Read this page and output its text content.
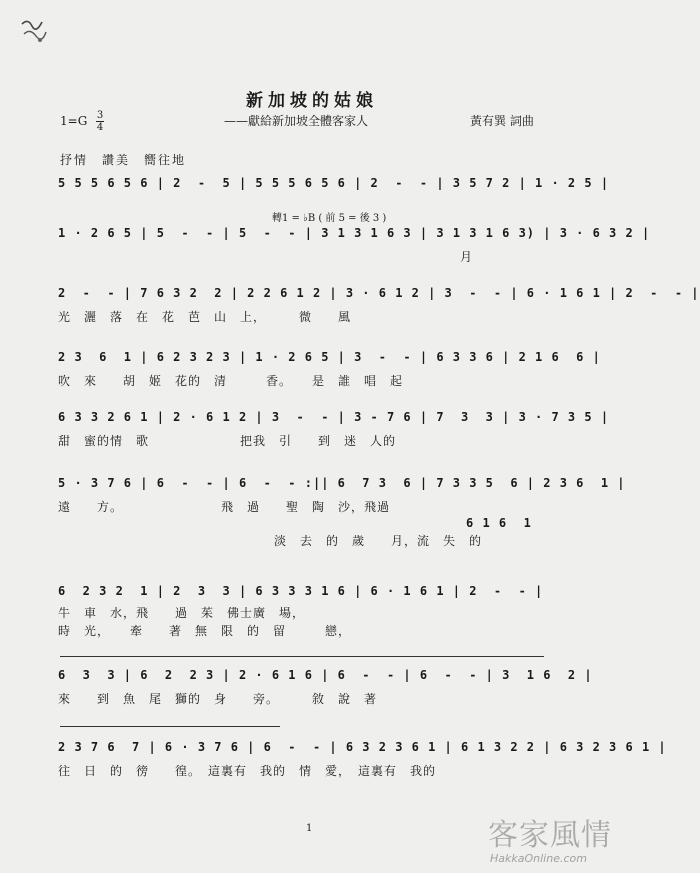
新加坡的姑娘
1=G 3
4	——獻給新加坡全體客家人	黃有巽 詞曲
抒情　讚美　嚮往地
轉1 = ♭B ( 前 5 = 後 3 )
5 5 5 6 5 6 | 2  -  5 | 5 5 5 6 5 6 | 2  -  - | 3 5 7 2 | 1 · 2 5 |
1 · 2 6 5 | 5  -  - | 5  -  - | 3 1 3 1 6 3 | 3 1 3 1 6 3) | 3 · 6 3 2 |
月
2  -  - | 7 6 3 2  2 | 2 2 6 1 2 | 3 · 6 1 2 | 3  -  - | 6 · 1 6 1 | 2  -  - |
光　灑　落　在　花　芭　山　上，　　　微　　風
2 3  6  1 | 6 2 3 2 3 | 1 · 2 6 5 | 3  -  - | 6 3 3 6 | 2 1 6  6 |
吹　來　　胡　姬　花的　清　　　香。　　是　誰　唱　起
6 3 3 2 6 1 | 2 · 6 1 2 | 3  -  - | 3 - 7 6 | 7  3  3 | 3 · 7 3 5 |
甜　蜜的情　歌　　　　　　　把我　引　　到　迷　人的
5 · 3 7 6 | 6  -  - | 6  -  - :|| 6  7 3  6 | 7 3 3 5  6 | 2 3 6  1 |
遠　　方。　　　　　　　　飛　過　　聖　陶　沙，飛過
6 1 6  1
淡　去　的　歲　　月，流　失　的
6  2 3 2  1 | 2  3  3 | 6 3 3 3 1 6 | 6 · 1 6 1 | 2  -  - |
牛　車　水，飛　　過　茱　佛士廣　場，
時　光，　　牽　　著　無　限　的　留　　　戀，
6  3  3 | 6  2  2 3 | 2 · 6 1 6 | 6  -  - | 6  -  - | 3  1 6  2 |
來　　到　魚　尾　獅的　身　　旁。　　　敘　說　著
2 3 7 6  7 | 6 · 3 7 6 | 6  -  - | 6 3 2 3 6 1 | 6 1 3 2 2 | 6 3 2 3 6 1 |
往　日　的　徬　　徨。　這裏有　我的　情　愛，　這裏有　我的
1	客家風情
HakkaOnline.com
